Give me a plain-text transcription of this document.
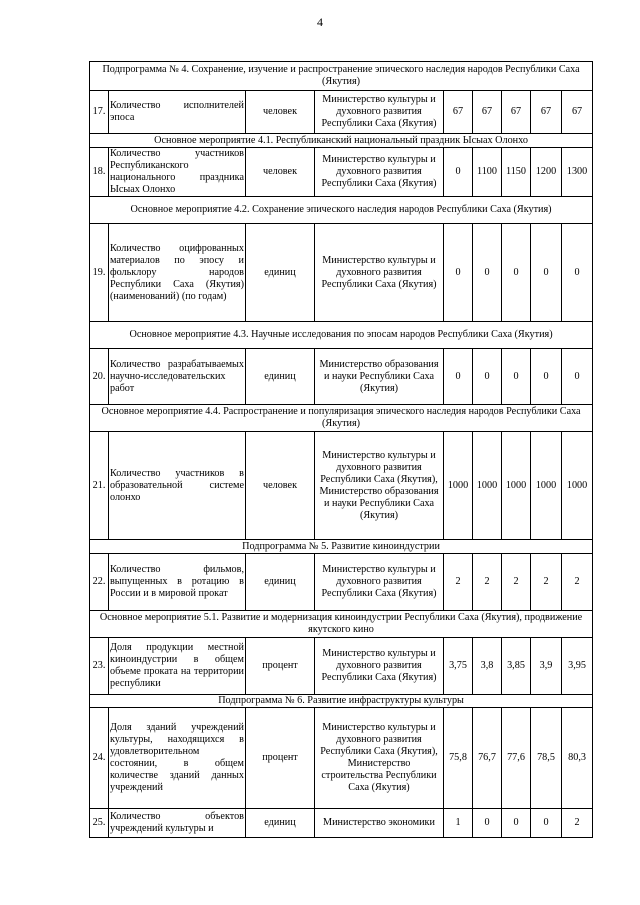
4
Подпрограмма № 4. Сохранение, изучение и распространение эпического наследия народов Республики Саха (Якутия)								
17.	Количество исполнителей эпоса	человек	Министерство культуры и духовного развития Республики Саха (Якутия)	67	67	67	67	67
Основное мероприятие 4.1. Республиканский национальный праздник Ысыах Олонхо								
18.	Количество участников Республиканского национального праздника Ысыах Олонхо	человек	Министерство культуры и духовного развития Республики Саха (Якутия)	0	1100	1150	1200	1300
Основное мероприятие 4.2. Сохранение эпического наследия народов Республики Саха (Якутия)								
19.	Количество оцифрованных материалов по эпосу и фольклору народов Республики Саха (Якутия) (наименований) (по годам)	единиц	Министерство культуры и духовного развития Республики Саха (Якутия)	0	0	0	0	0
Основное мероприятие 4.3. Научные исследования по эпосам народов Республики Саха (Якутия)								
20.	Количество разрабатываемых научно-исследовательских работ	единиц	Министерство образования и науки Республики Саха (Якутия)	0	0	0	0	0
Основное мероприятие 4.4. Распространение и популяризация эпического наследия народов Республики Саха (Якутия)								
21.	Количество участников в образовательной системе олонхо	человек	Министерство культуры и духовного развития Республики Саха (Якутия), Министерство образования и науки Республики Саха (Якутия)	1000	1000	1000	1000	1000
Подпрограмма № 5. Развитие киноиндустрии								
22.	Количество фильмов, выпущенных в ротацию в России и в мировой прокат	единиц	Министерство культуры и духовного развития Республики Саха (Якутия)	2	2	2	2	2
Основное мероприятие 5.1. Развитие и модернизация киноиндустрии Республики Саха (Якутия), продвижение якутского кино								
23.	Доля продукции местной киноиндустрии в общем объеме проката на территории республики	процент	Министерство культуры и духовного развития Республики Саха (Якутия)	3,75	3,8	3,85	3,9	3,95
Подпрограмма № 6. Развитие инфраструктуры культуры								
24.	Доля зданий учреждений культуры, находящихся в удовлетворительном состоянии, в общем количестве зданий данных учреждений	процент	Министерство культуры и духовного развития Республики Саха (Якутия), Министерство строительства Республики Саха (Якутия)	75,8	76,7	77,6	78,5	80,3
25.	Количество объектов учреждений культуры и	единиц	Министерство экономики	1	0	0	0	2
